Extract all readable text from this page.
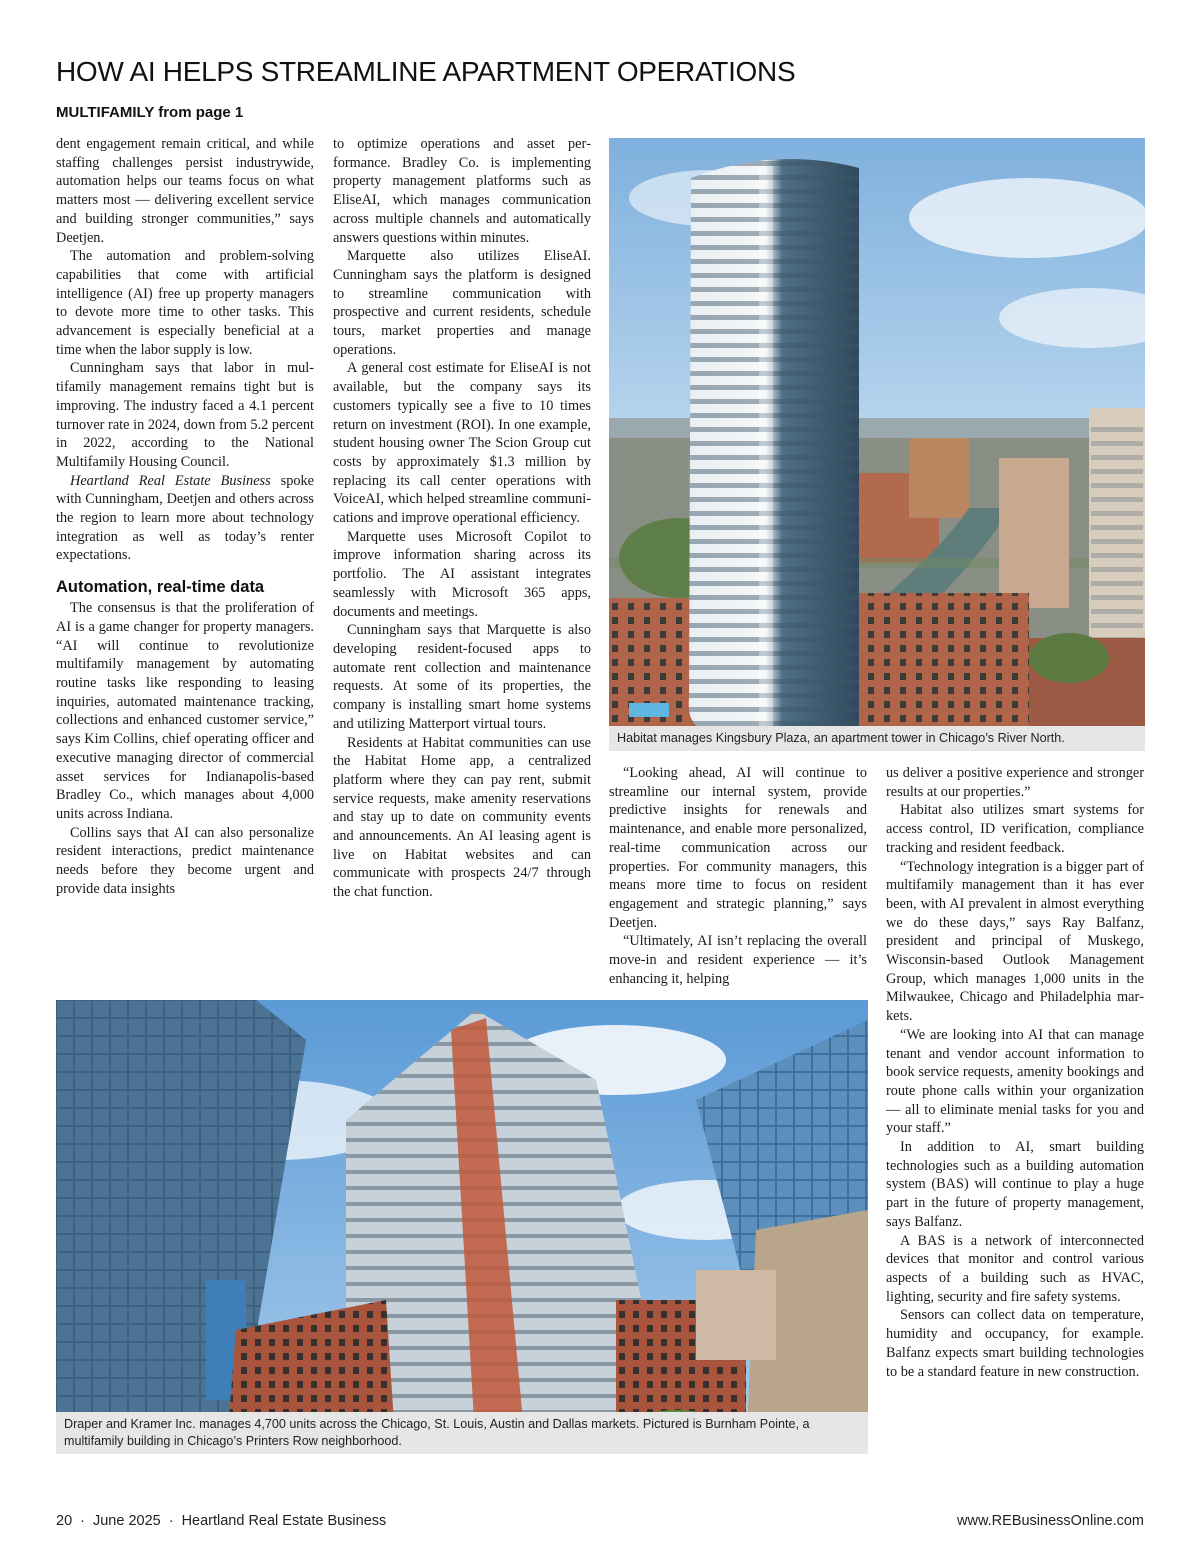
HOW AI HELPS STREAMLINE APARTMENT OPERATIONS
MULTIFAMILY from page 1

dent engagement remain critical, and while staffing challenges persist industrywide, automation helps our teams focus on what matters most — delivering excellent service and building stronger communities,” says Deetjen.

The automation and problem-solving capabilities that come with artificial intelligence (AI) free up property managers to devote more time to other tasks. This advancement is especially beneficial at a time when the labor supply is low.

Cunningham says that labor in multifamily management remains tight but is improving. The industry faced a 4.1 percent turnover rate in 2024, down from 5.2 percent in 2022, according to the National Multifamily Housing Council.

Heartland Real Estate Business spoke with Cunningham, Deetjen and others across the region to learn more about technology integration as well as today’s renter expectations.

Automation, real-time data

The consensus is that the proliferation of AI is a game changer for property managers. “AI will continue to revolutionize multifamily management by automating routine tasks like responding to leasing inquiries, automated maintenance tracking, collections and enhanced customer service,” says Kim Collins, chief operating officer and executive managing director of commercial asset services for Indianapolis-based Bradley Co., which manages about 4,000 units across Indiana.

Collins says that AI can also personalize resident interactions, predict maintenance needs before they become urgent and provide data insights

to optimize operations and asset performance. Bradley Co. is implementing property management platforms such as EliseAI, which manages communication across multiple channels and automatically answers questions within minutes.

Marquette also utilizes EliseAI. Cunningham says the platform is designed to streamline communication with prospective and current residents, schedule tours, market properties and manage operations.

A general cost estimate for EliseAI is not available, but the company says its customers typically see a five to 10 times return on investment (ROI). In one example, student housing owner The Scion Group cut costs by approximately $1.3 million by replacing its call center operations with VoiceAI, which helped streamline communications and improve operational efficiency.

Marquette uses Microsoft Copilot to improve information sharing across its portfolio. The AI assistant integrates seamlessly with Microsoft 365 apps, documents and meetings.

Cunningham says that Marquette is also developing resident-focused apps to automate rent collection and maintenance requests. At some of its properties, the company is installing smart home systems and utilizing Matterport virtual tours.

Residents at Habitat communities can use the Habitat Home app, a centralized platform where they can pay rent, submit service requests, make amenity reservations and stay up to date on community events and announcements. An AI leasing agent is live on Habitat websites and can communicate with prospects 24/7 through the chat function.

Habitat manages Kingsbury Plaza, an apartment tower in Chicago’s River North.

“Looking ahead, AI will continue to streamline our internal system, provide predictive insights for renewals and maintenance, and enable more personalized, real-time communication across our properties. For community managers, this means more time to focus on resident engagement and strategic planning,” says Deetjen.

“Ultimately, AI isn’t replacing the overall move-in and resident experience — it’s enhancing it, helping

us deliver a positive experience and stronger results at our properties.”

Habitat also utilizes smart systems for access control, ID verification, compliance tracking and resident feedback.

“Technology integration is a bigger part of multifamily management than it has ever been, with AI prevalent in almost everything we do these days,” says Ray Balfanz, president and principal of Muskego, Wisconsin-based Outlook Management Group, which manages 1,000 units in the Milwaukee, Chicago and Philadelphia markets.

“We are looking into AI that can manage tenant and vendor account information to book service requests, amenity bookings and route phone calls within your organization — all to eliminate menial tasks for you and your staff.”

In addition to AI, smart building technologies such as a building automation system (BAS) will continue to play a huge part in the future of property management, says Balfanz.

A BAS is a network of interconnected devices that monitor and control various aspects of a building such as HVAC, lighting, security and fire safety systems.

Sensors can collect data on temperature, humidity and occupancy, for example. Balfanz expects smart building technologies to be a standard feature in new construction.

Draper and Kramer Inc. manages 4,700 units across the Chicago, St. Louis, Austin and Dallas markets. Pictured is Burnham Pointe, a multifamily building in Chicago’s Printers Row neighborhood.
20 · June 2025 · Heartland Real Estate Business	www.REBusinessOnline.com
